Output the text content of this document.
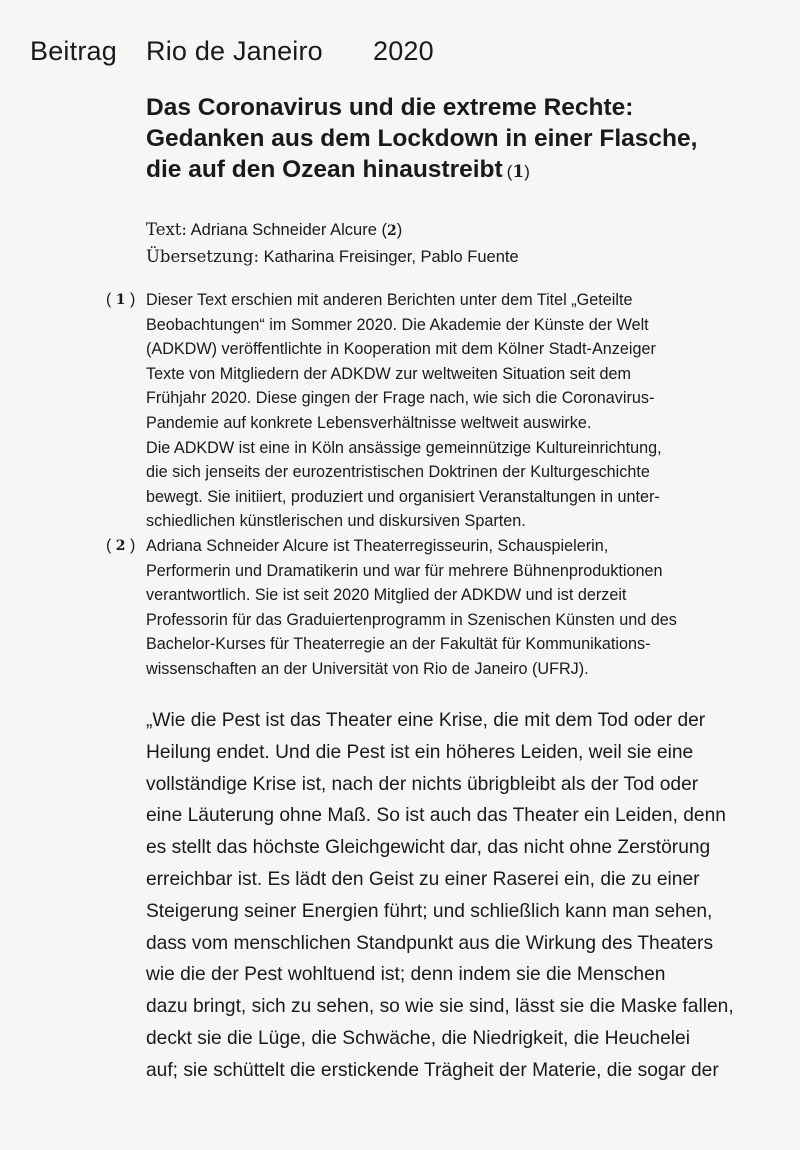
Beitrag Rio de Janeiro 2020
Das Coronavirus und die extreme Rechte:
Gedanken aus dem Lockdown in einer Flasche,
die auf den Ozean hinaustreibt (1)
Text: Adriana Schneider Alcure (2)
Übersetzung: Katharina Freisinger, Pablo Fuente
( 1 ) Dieser Text erschien mit anderen Berichten unter dem Titel „Geteilte
Beobachtungen“ im Sommer 2020. Die Akademie der Künste der Welt
(ADKDW) veröffentlichte in Kooperation mit dem Kölner Stadt-Anzeiger
Texte von Mitgliedern der ADKDW zur weltweiten Situation seit dem
Frühjahr 2020. Diese gingen der Frage nach, wie sich die Coronavirus-
Pandemie auf konkrete Lebensverhältnisse weltweit auswirke.
Die ADKDW ist eine in Köln ansässige gemeinnützige Kultureinrichtung,
die sich jenseits der eurozentristischen Doktrinen der Kulturgeschichte
bewegt. Sie initiiert, produziert und organisiert Veranstaltungen in unter-
schiedlichen künstlerischen und diskursiven Sparten.
( 2 ) Adriana Schneider Alcure ist Theaterregisseurin, Schauspielerin,
Performerin und Dramatikerin und war für mehrere Bühnenproduktionen
verantwortlich. Sie ist seit 2020 Mitglied der ADKDW und ist derzeit
Professorin für das Graduiertenprogramm in Szenischen Künsten und des
Bachelor-Kurses für Theaterregie an der Fakultät für Kommunikations-
wissenschaften an der Universität von Rio de Janeiro (UFRJ).
„Wie die Pest ist das Theater eine Krise, die mit dem Tod oder der
Heilung endet. Und die Pest ist ein höheres Leiden, weil sie eine
vollständige Krise ist, nach der nichts übrigbleibt als der Tod oder
eine Läuterung ohne Maß. So ist auch das Theater ein Leiden, denn
es stellt das höchste Gleichgewicht dar, das nicht ohne Zerstörung
erreichbar ist. Es lädt den Geist zu einer Raserei ein, die zu einer
Steigerung seiner Energien führt; und schließlich kann man sehen,
dass vom menschlichen Standpunkt aus die Wirkung des Theaters
wie die der Pest wohltuend ist; denn indem sie die Menschen
dazu bringt, sich zu sehen, so wie sie sind, lässt sie die Maske fallen,
deckt sie die Lüge, die Schwäche, die Niedrigkeit, die Heuchelei
auf; sie schüttelt die erstickende Trägheit der Materie, die sogar der
